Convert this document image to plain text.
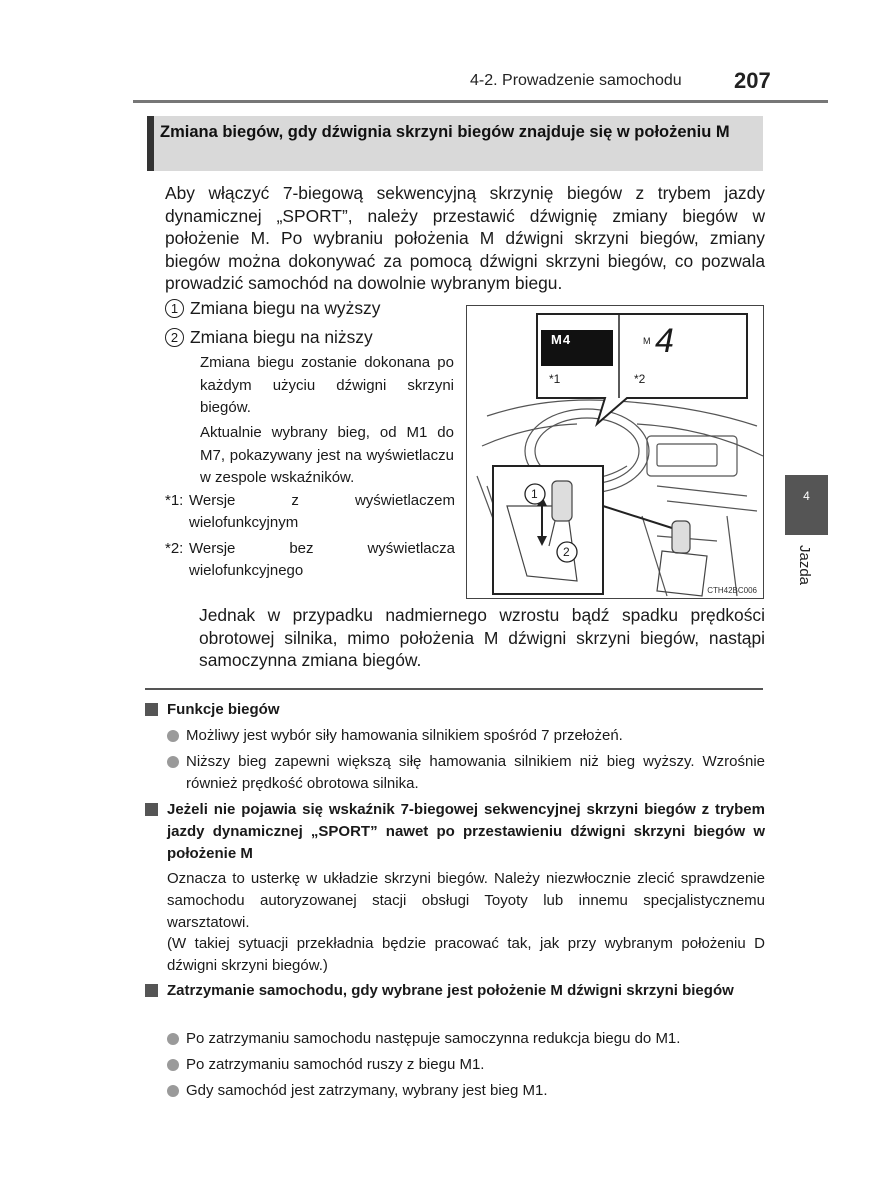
4-2. Prowadzenie samochodu 207
Zmiana biegów, gdy dźwignia skrzyni biegów znajduje się w położeniu M
Aby włączyć 7-biegową sekwencyjną skrzynię biegów z trybem jazdy dynamicznej „SPORT”, należy przestawić dźwignię zmiany biegów w położenie M. Po wybraniu położenia M dźwigni skrzyni biegów, zmiany biegów można dokonywać za pomocą dźwigni skrzyni biegów, co pozwala prowadzić samochód na dowolnie wybranym biegu.
1 Zmiana biegu na wyższy
2 Zmiana biegu na niższy
Zmiana biegu zostanie dokonana po każdym użyciu dźwigni skrzyni biegów.
Aktualnie wybrany bieg, od M1 do M7, pokazywany jest na wyświetlaczu w zespole wskaźników.
*1: Wersje z wyświetlaczem wielofunkcyjnym
*2: Wersje bez wyświetlacza wielofunkcyjnego
M4	M 4
*1	*2
1
2
CTH42BC006
Jednak w przypadku nadmiernego wzrostu bądź spadku prędkości obrotowej silnika, mimo położenia M dźwigni skrzyni biegów, nastąpi samoczynna zmiana biegów.
4
Jazda
Funkcje biegów
Możliwy jest wybór siły hamowania silnikiem spośród 7 przełożeń.
Niższy bieg zapewni większą siłę hamowania silnikiem niż bieg wyższy. Wzrośnie również prędkość obrotowa silnika.
Jeżeli nie pojawia się wskaźnik 7-biegowej sekwencyjnej skrzyni biegów z trybem jazdy dynamicznej „SPORT” nawet po przestawieniu dźwigni skrzyni biegów w położenie M
Oznacza to usterkę w układzie skrzyni biegów. Należy niezwłocznie zlecić sprawdzenie samochodu autoryzowanej stacji obsługi Toyoty lub innemu specjalistycznemu warsztatowi.
(W takiej sytuacji przekładnia będzie pracować tak, jak przy wybranym położeniu D dźwigni skrzyni biegów.)
Zatrzymanie samochodu, gdy wybrane jest położenie M dźwigni skrzyni biegów
Po zatrzymaniu samochodu następuje samoczynna redukcja biegu do M1.
Po zatrzymaniu samochód ruszy z biegu M1.
Gdy samochód jest zatrzymany, wybrany jest bieg M1.
